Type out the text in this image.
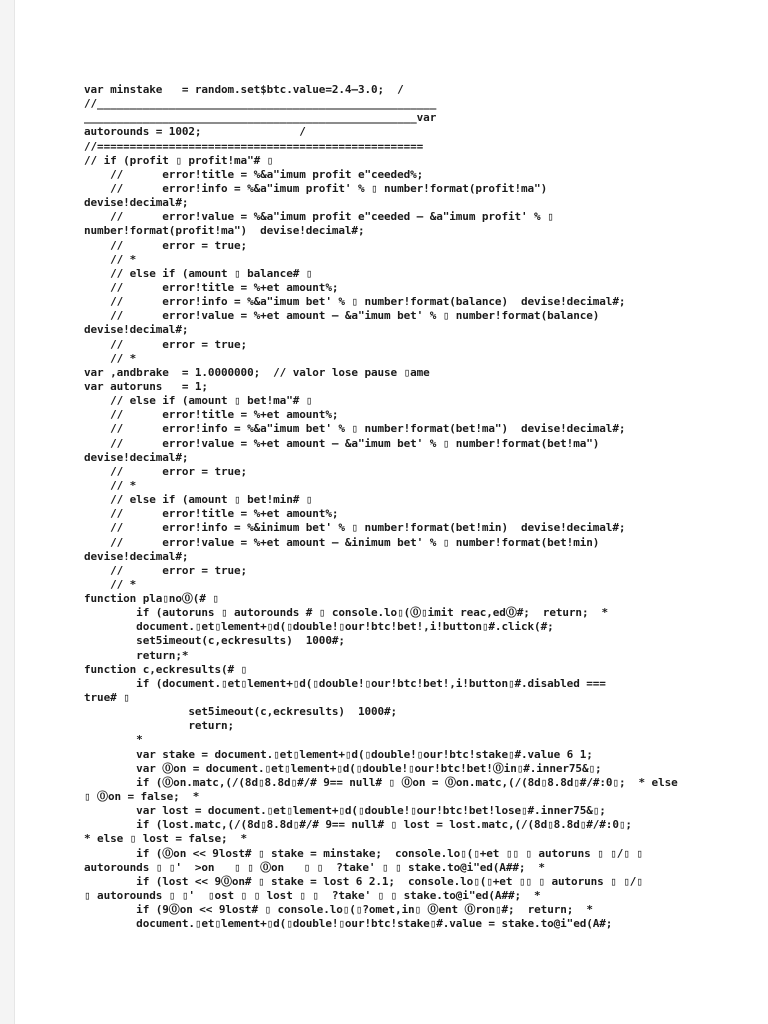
var minstake   = random.set$btc.value=2.4–3.0;  /
//____________________________________________________
___________________________________________________var
autorounds = 1002;               /
//==================================================
// if (profit ▯ profit!ma"# ▯
//      error!title = %&a"imum profit e"ceeded%;
//      error!info = %&a"imum profit' % ▯ number!format(profit!ma")
devise!decimal#;
//      error!value = %&a"imum profit e"ceeded – &a"imum profit' % ▯
number!format(profit!ma")  devise!decimal#;
//      error = true;
// *
// else if (amount ▯ balance# ▯
//      error!title = %+et amount%;
//      error!info = %&a"imum bet' % ▯ number!format(balance)  devise!decimal#;
//      error!value = %+et amount – &a"imum bet' % ▯ number!format(balance)
devise!decimal#;
//      error = true;
// *
var ,andbrake  = 1.0000000;  // valor lose pause ▯ame
var autoruns   = 1;
// else if (amount ▯ bet!ma"# ▯
//      error!title = %+et amount%;
//      error!info = %&a"imum bet' % ▯ number!format(bet!ma")  devise!decimal#;
//      error!value = %+et amount – &a"imum bet' % ▯ number!format(bet!ma")
devise!decimal#;
//      error = true;
// *
// else if (amount ▯ bet!min# ▯
//      error!title = %+et amount%;
//      error!info = %&inimum bet' % ▯ number!format(bet!min)  devise!decimal#;
//      error!value = %+et amount – &inimum bet' % ▯ number!format(bet!min)
devise!decimal#;
//      error = true;
// *
function pla▯no⓪(# ▯
if (autoruns ▯ autorounds # ▯ console.lo▯(⓪▯imit reac,ed⓪#;  return;  *
document.▯et▯lement+▯d(▯double!▯our!btc!bet!,i!button▯#.click(#;
set5imeout(c,eckresults)  1000#;
return;*
function c,eckresults(# ▯
if (document.▯et▯lement+▯d(▯double!▯our!btc!bet!,i!button▯#.disabled ===
true# ▯
set5imeout(c,eckresults)  1000#;
return;
*
var stake = document.▯et▯lement+▯d(▯double!▯our!btc!stake▯#.value 6 1;
var ⓪on = document.▯et▯lement+▯d(▯double!▯our!btc!bet!⓪in▯#.inner75&▯;
if (⓪on.matc,(/(8d▯8.8d▯#/# 9== null# ▯ ⓪on = ⓪on.matc,(/(8d▯8.8d▯#/#:0▯;  * else
▯ ⓪on = false;  *
var lost = document.▯et▯lement+▯d(▯double!▯our!btc!bet!lose▯#.inner75&▯;
if (lost.matc,(/(8d▯8.8d▯#/# 9== null# ▯ lost = lost.matc,(/(8d▯8.8d▯#/#:0▯;
* else ▯ lost = false;  *
if (⓪on << 9lost# ▯ stake = minstake;  console.lo▯(▯+et ▯▯ ▯ autoruns ▯ ▯/▯ ▯
autorounds ▯ ▯'  >on   ▯ ▯ ⓪on   ▯ ▯  ?take' ▯ ▯ stake.to@i"ed(A##;  *
if (lost << 9⓪on# ▯ stake = lost 6 2.1;  console.lo▯(▯+et ▯▯ ▯ autoruns ▯ ▯/▯
▯ autorounds ▯ ▯'  ▯ost ▯ ▯ lost ▯ ▯  ?take' ▯ ▯ stake.to@i"ed(A##;  *
if (9⓪on << 9lost# ▯ console.lo▯(▯?omet,in▯ ⓪ent ⓪ron▯#;  return;  *
document.▯et▯lement+▯d(▯double!▯our!btc!stake▯#.value = stake.to@i"ed(A#;
